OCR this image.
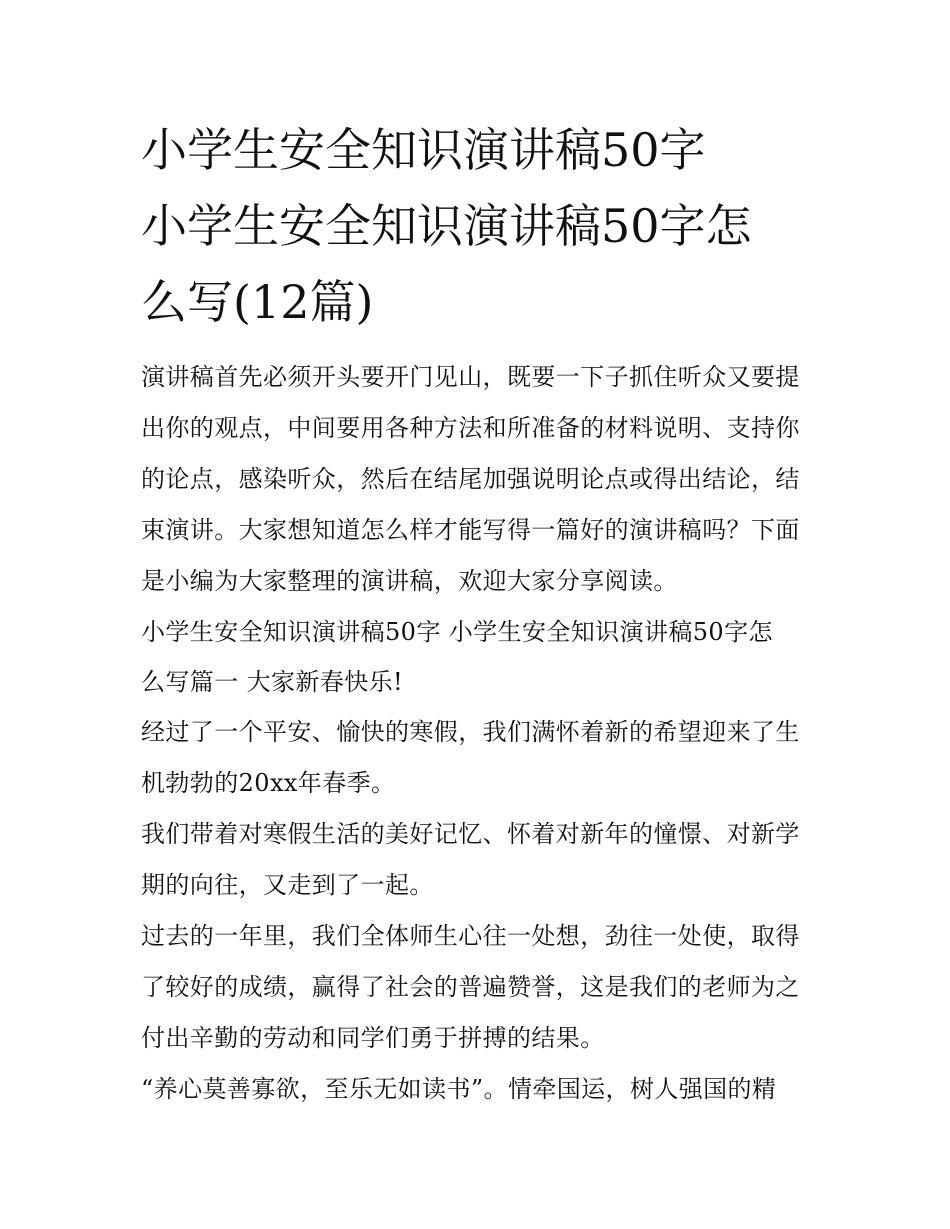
小学生安全知识演讲稿50字
小学生安全知识演讲稿50字怎
么写(12篇)

演讲稿首先必须开头要开门见山，既要一下子抓住听众又要提
出你的观点，中间要用各种方法和所准备的材料说明、支持你
的论点，感染听众，然后在结尾加强说明论点或得出结论，结
束演讲。大家想知道怎么样才能写得一篇好的演讲稿吗？下面
是小编为大家整理的演讲稿，欢迎大家分享阅读。

小学生安全知识演讲稿50字 小学生安全知识演讲稿50字怎
么写篇一 大家新春快乐!

经过了一个平安、愉快的寒假，我们满怀着新的希望迎来了生
机勃勃的20xx年春季。

我们带着对寒假生活的美好记忆、怀着对新年的憧憬、对新学
期的向往，又走到了一起。

过去的一年里，我们全体师生心往一处想，劲往一处使，取得
了较好的成绩，赢得了社会的普遍赞誉，这是我们的老师为之
付出辛勤的劳动和同学们勇于拼搏的结果。

“养心莫善寡欲，至乐无如读书”。情牵国运，树人强国的精
